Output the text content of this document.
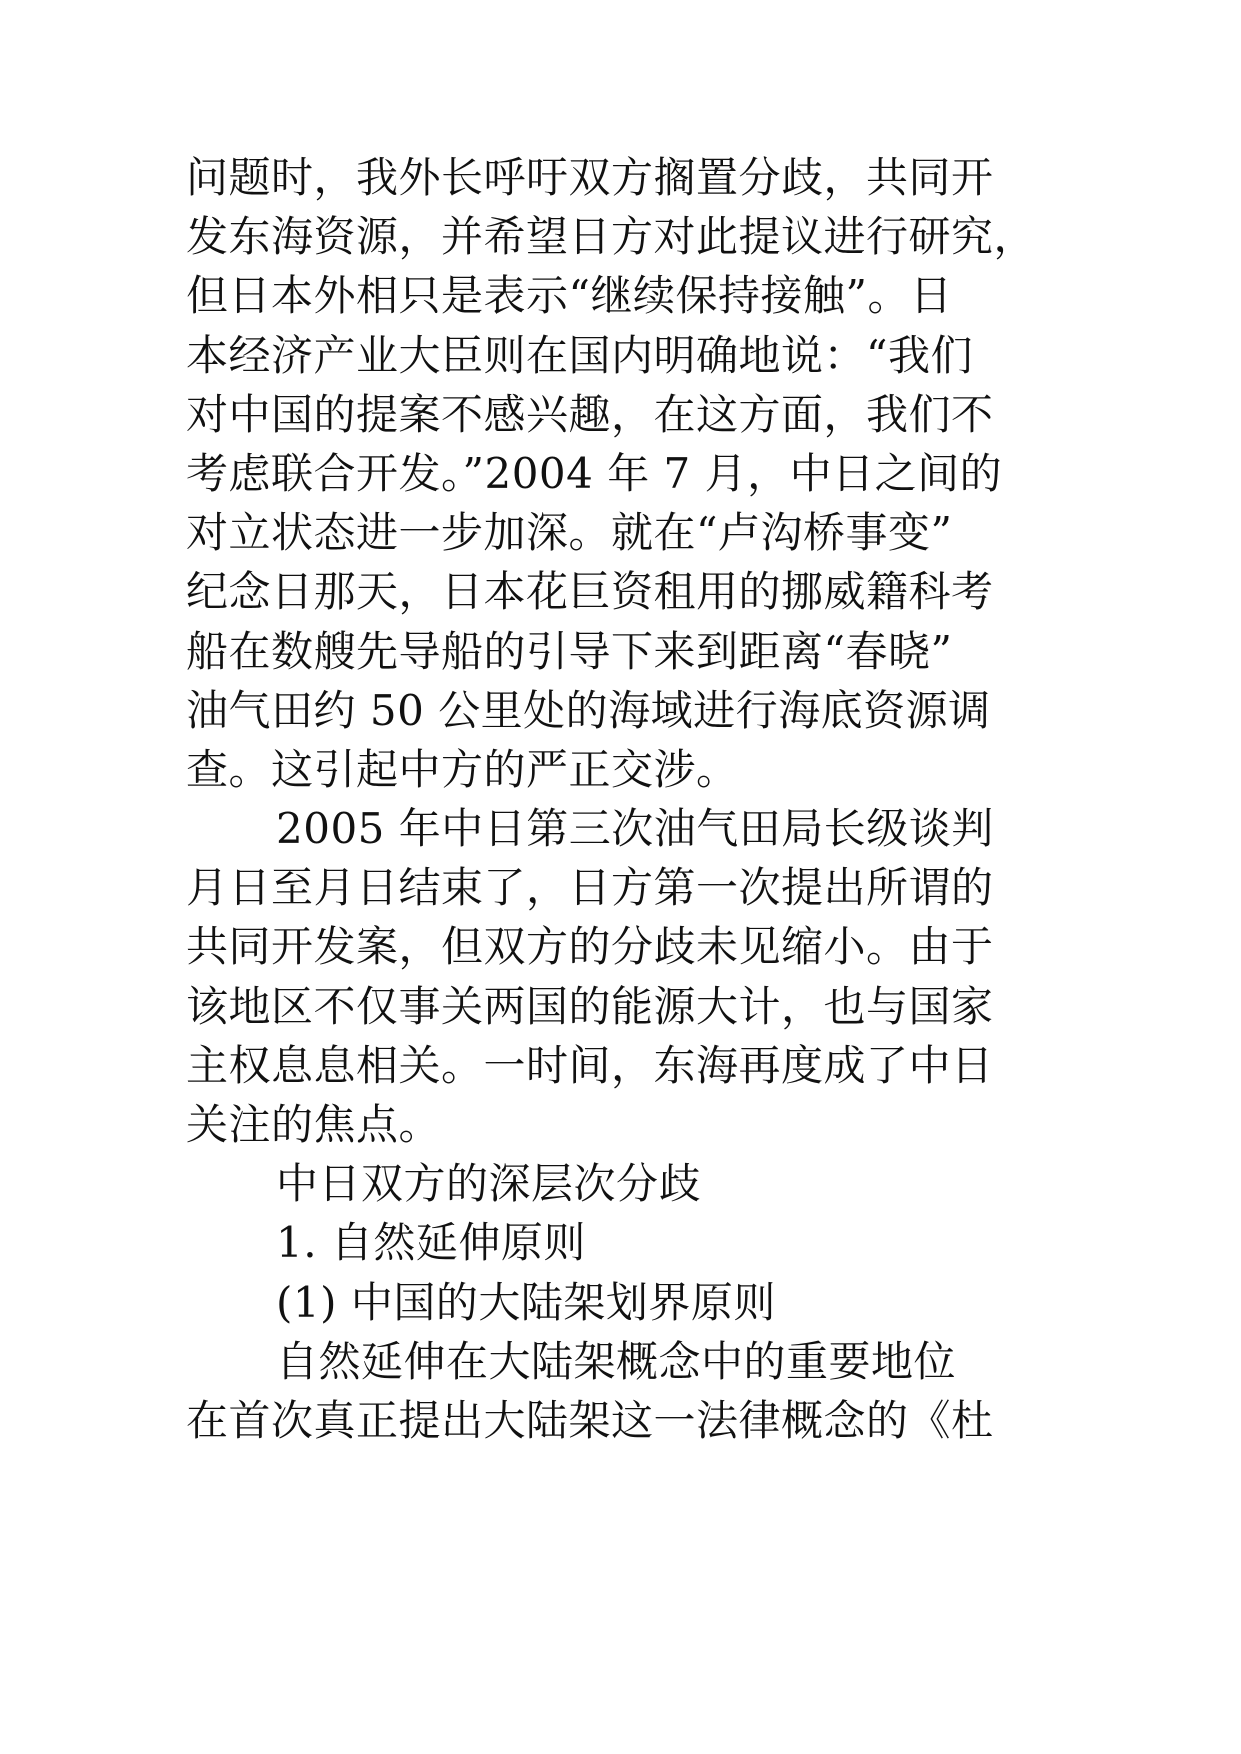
问题时，我外长呼吁双方搁置分歧，共同开
发东海资源，并希望日方对此提议进行研究，
但日本外相只是表示“继续保持接触”。日
本经济产业大臣则在国内明确地说：“我们
对中国的提案不感兴趣，在这方面，我们不
考虑联合开发。”2004 年 7 月，中日之间的
对立状态进一步加深。就在“卢沟桥事变”
纪念日那天，日本花巨资租用的挪威籍科考
船在数艘先导船的引导下来到距离“春晓”
油气田约 50 公里处的海域进行海底资源调
查。这引起中方的严正交涉。
2005 年中日第三次油气田局长级谈判
月日至月日结束了，日方第一次提出所谓的
共同开发案，但双方的分歧未见缩小。由于
该地区不仅事关两国的能源大计，也与国家
主权息息相关。一时间，东海再度成了中日
关注的焦点。
中日双方的深层次分歧
1. 自然延伸原则
(1) 中国的大陆架划界原则
自然延伸在大陆架概念中的重要地位
在首次真正提出大陆架这一法律概念的《杜
